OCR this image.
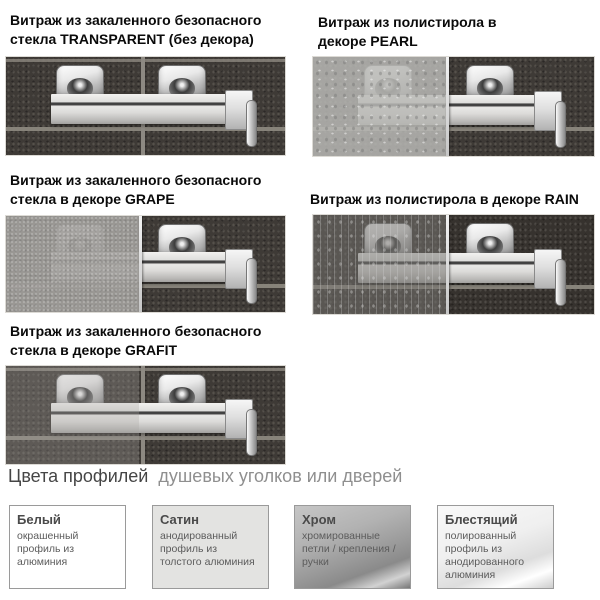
Витраж из закаленного безопасного
стекла TRANSPARENT (без декора)
Витраж из полистирола в
декоре PEARL
Витраж из закаленного безопасного
стекла в декоре GRAPE	Витраж из полистирола в декоре RAIN
Витраж из закаленного безопасного
стекла в декоре GRAFIT
Цвета профилей душевых уголков или дверей
Белый

окрашенный профиль из алюминия

Сатин

анодированный профиль из толстого алюминия

Хром

хромированные петли / крепления / ручки

Блестящий

полированный профиль из анодированного алюминия
